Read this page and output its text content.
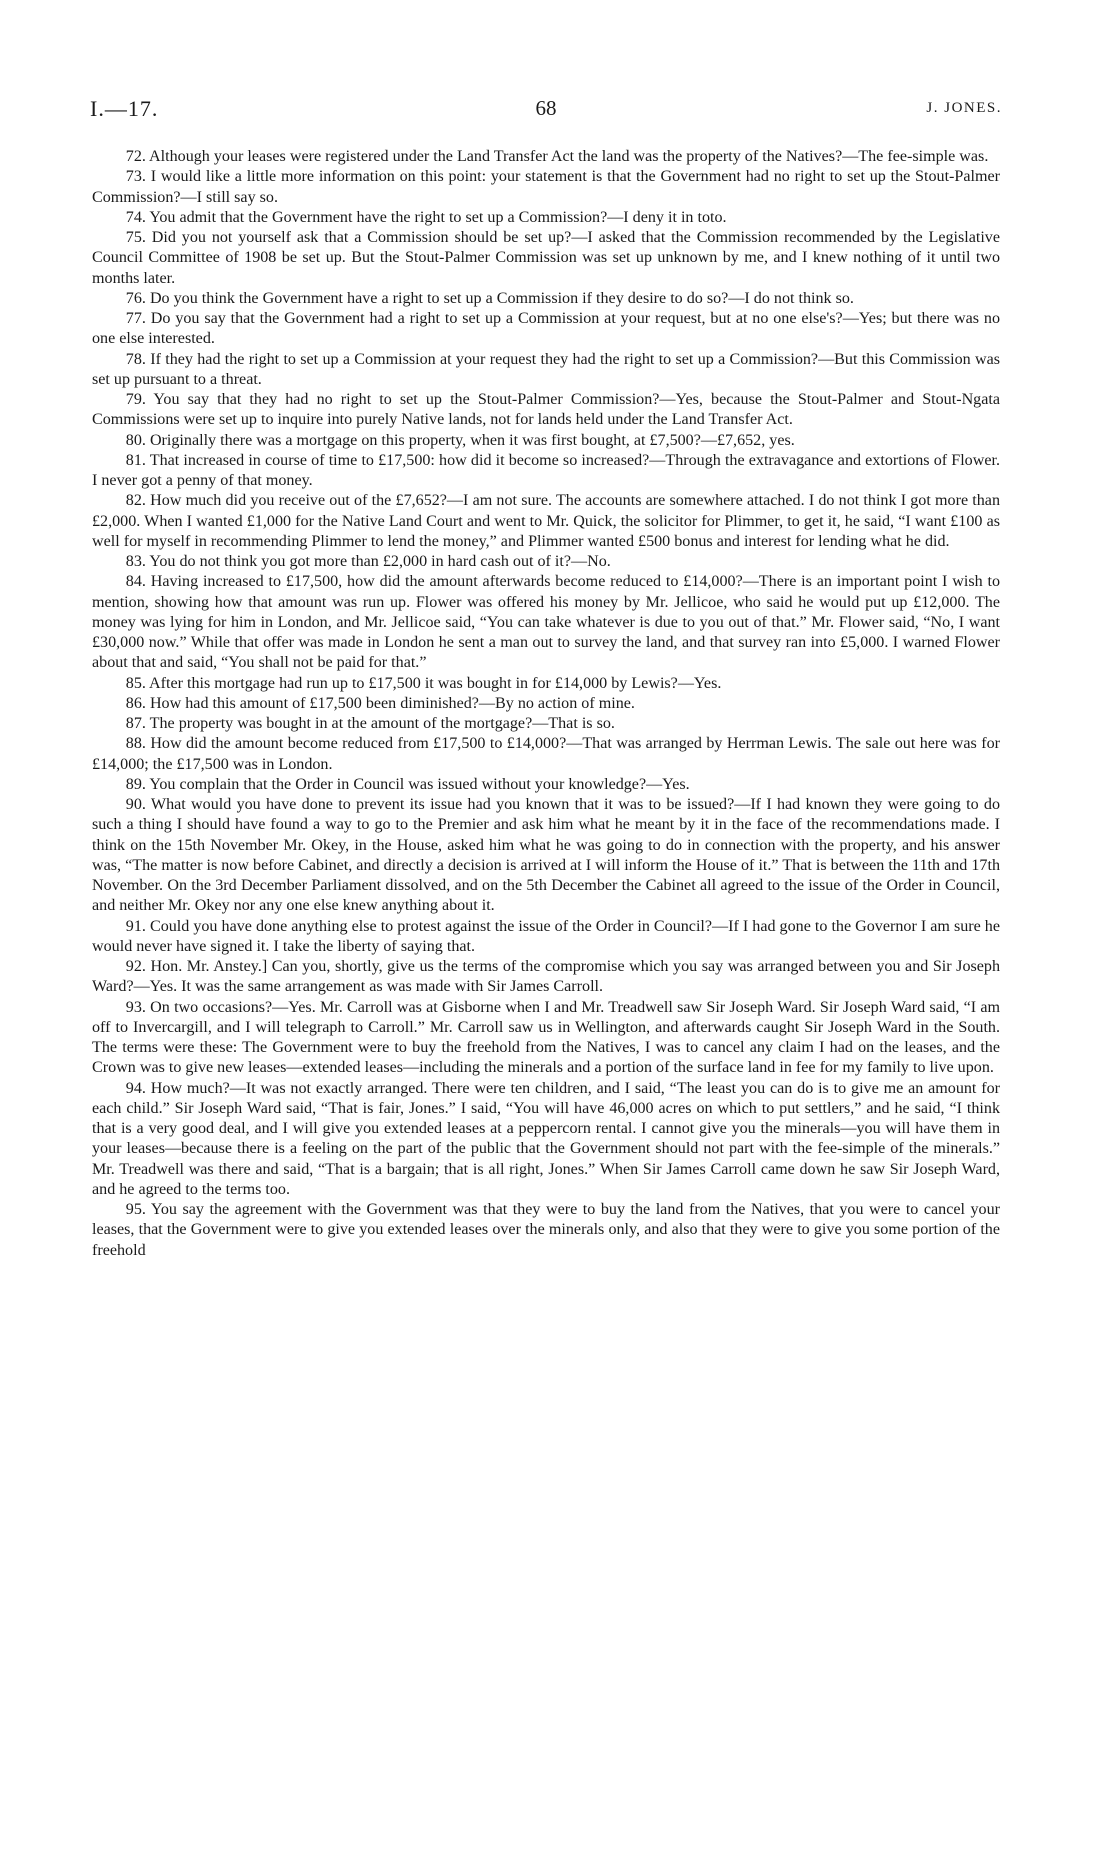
I.—17.	68	J. JONES.

72. Although your leases were registered under the Land Transfer Act the land was the property of the Natives?—The fee-simple was.

73. I would like a little more information on this point: your statement is that the Government had no right to set up the Stout-Palmer Commission?—I still say so.

74. You admit that the Government have the right to set up a Commission?—I deny it in toto.

75. Did you not yourself ask that a Commission should be set up?—I asked that the Commission recommended by the Legislative Council Committee of 1908 be set up. But the Stout-Palmer Commission was set up unknown by me, and I knew nothing of it until two months later.

76. Do you think the Government have a right to set up a Commission if they desire to do so?—I do not think so.

77. Do you say that the Government had a right to set up a Commission at your request, but at no one else's?—Yes; but there was no one else interested.

78. If they had the right to set up a Commission at your request they had the right to set up a Commission?—But this Commission was set up pursuant to a threat.

79. You say that they had no right to set up the Stout-Palmer Commission?—Yes, because the Stout-Palmer and Stout-Ngata Commissions were set up to inquire into purely Native lands, not for lands held under the Land Transfer Act.

80. Originally there was a mortgage on this property, when it was first bought, at £7,500?—£7,652, yes.

81. That increased in course of time to £17,500: how did it become so increased?—Through the extravagance and extortions of Flower. I never got a penny of that money.

82. How much did you receive out of the £7,652?—I am not sure. The accounts are somewhere attached. I do not think I got more than £2,000. When I wanted £1,000 for the Native Land Court and went to Mr. Quick, the solicitor for Plimmer, to get it, he said, “I want £100 as well for myself in recommending Plimmer to lend the money,” and Plimmer wanted £500 bonus and interest for lending what he did.

83. You do not think you got more than £2,000 in hard cash out of it?—No.

84. Having increased to £17,500, how did the amount afterwards become reduced to £14,000?—There is an important point I wish to mention, showing how that amount was run up. Flower was offered his money by Mr. Jellicoe, who said he would put up £12,000. The money was lying for him in London, and Mr. Jellicoe said, “You can take whatever is due to you out of that.” Mr. Flower said, “No, I want £30,000 now.” While that offer was made in London he sent a man out to survey the land, and that survey ran into £5,000. I warned Flower about that and said, “You shall not be paid for that.”

85. After this mortgage had run up to £17,500 it was bought in for £14,000 by Lewis?—Yes.

86. How had this amount of £17,500 been diminished?—By no action of mine.

87. The property was bought in at the amount of the mortgage?—That is so.

88. How did the amount become reduced from £17,500 to £14,000?—That was arranged by Herrman Lewis. The sale out here was for £14,000; the £17,500 was in London.

89. You complain that the Order in Council was issued without your knowledge?—Yes.

90. What would you have done to prevent its issue had you known that it was to be issued?—If I had known they were going to do such a thing I should have found a way to go to the Premier and ask him what he meant by it in the face of the recommendations made. I think on the 15th November Mr. Okey, in the House, asked him what he was going to do in connection with the property, and his answer was, “The matter is now before Cabinet, and directly a decision is arrived at I will inform the House of it.” That is between the 11th and 17th November. On the 3rd December Parliament dissolved, and on the 5th December the Cabinet all agreed to the issue of the Order in Council, and neither Mr. Okey nor any one else knew anything about it.

91. Could you have done anything else to protest against the issue of the Order in Council?—If I had gone to the Governor I am sure he would never have signed it. I take the liberty of saying that.

92. Hon. Mr. Anstey.] Can you, shortly, give us the terms of the compromise which you say was arranged between you and Sir Joseph Ward?—Yes. It was the same arrangement as was made with Sir James Carroll.

93. On two occasions?—Yes. Mr. Carroll was at Gisborne when I and Mr. Treadwell saw Sir Joseph Ward. Sir Joseph Ward said, “I am off to Invercargill, and I will telegraph to Carroll.” Mr. Carroll saw us in Wellington, and afterwards caught Sir Joseph Ward in the South. The terms were these: The Government were to buy the freehold from the Natives, I was to cancel any claim I had on the leases, and the Crown was to give new leases—extended leases—including the minerals and a portion of the surface land in fee for my family to live upon.

94. How much?—It was not exactly arranged. There were ten children, and I said, “The least you can do is to give me an amount for each child.” Sir Joseph Ward said, “That is fair, Jones.” I said, “You will have 46,000 acres on which to put settlers,” and he said, “I think that is a very good deal, and I will give you extended leases at a peppercorn rental. I cannot give you the minerals—you will have them in your leases—because there is a feeling on the part of the public that the Government should not part with the fee-simple of the minerals.” Mr. Treadwell was there and said, “That is a bargain; that is all right, Jones.” When Sir James Carroll came down he saw Sir Joseph Ward, and he agreed to the terms too.

95. You say the agreement with the Government was that they were to buy the land from the Natives, that you were to cancel your leases, that the Government were to give you extended leases over the minerals only, and also that they were to give you some portion of the freehold
